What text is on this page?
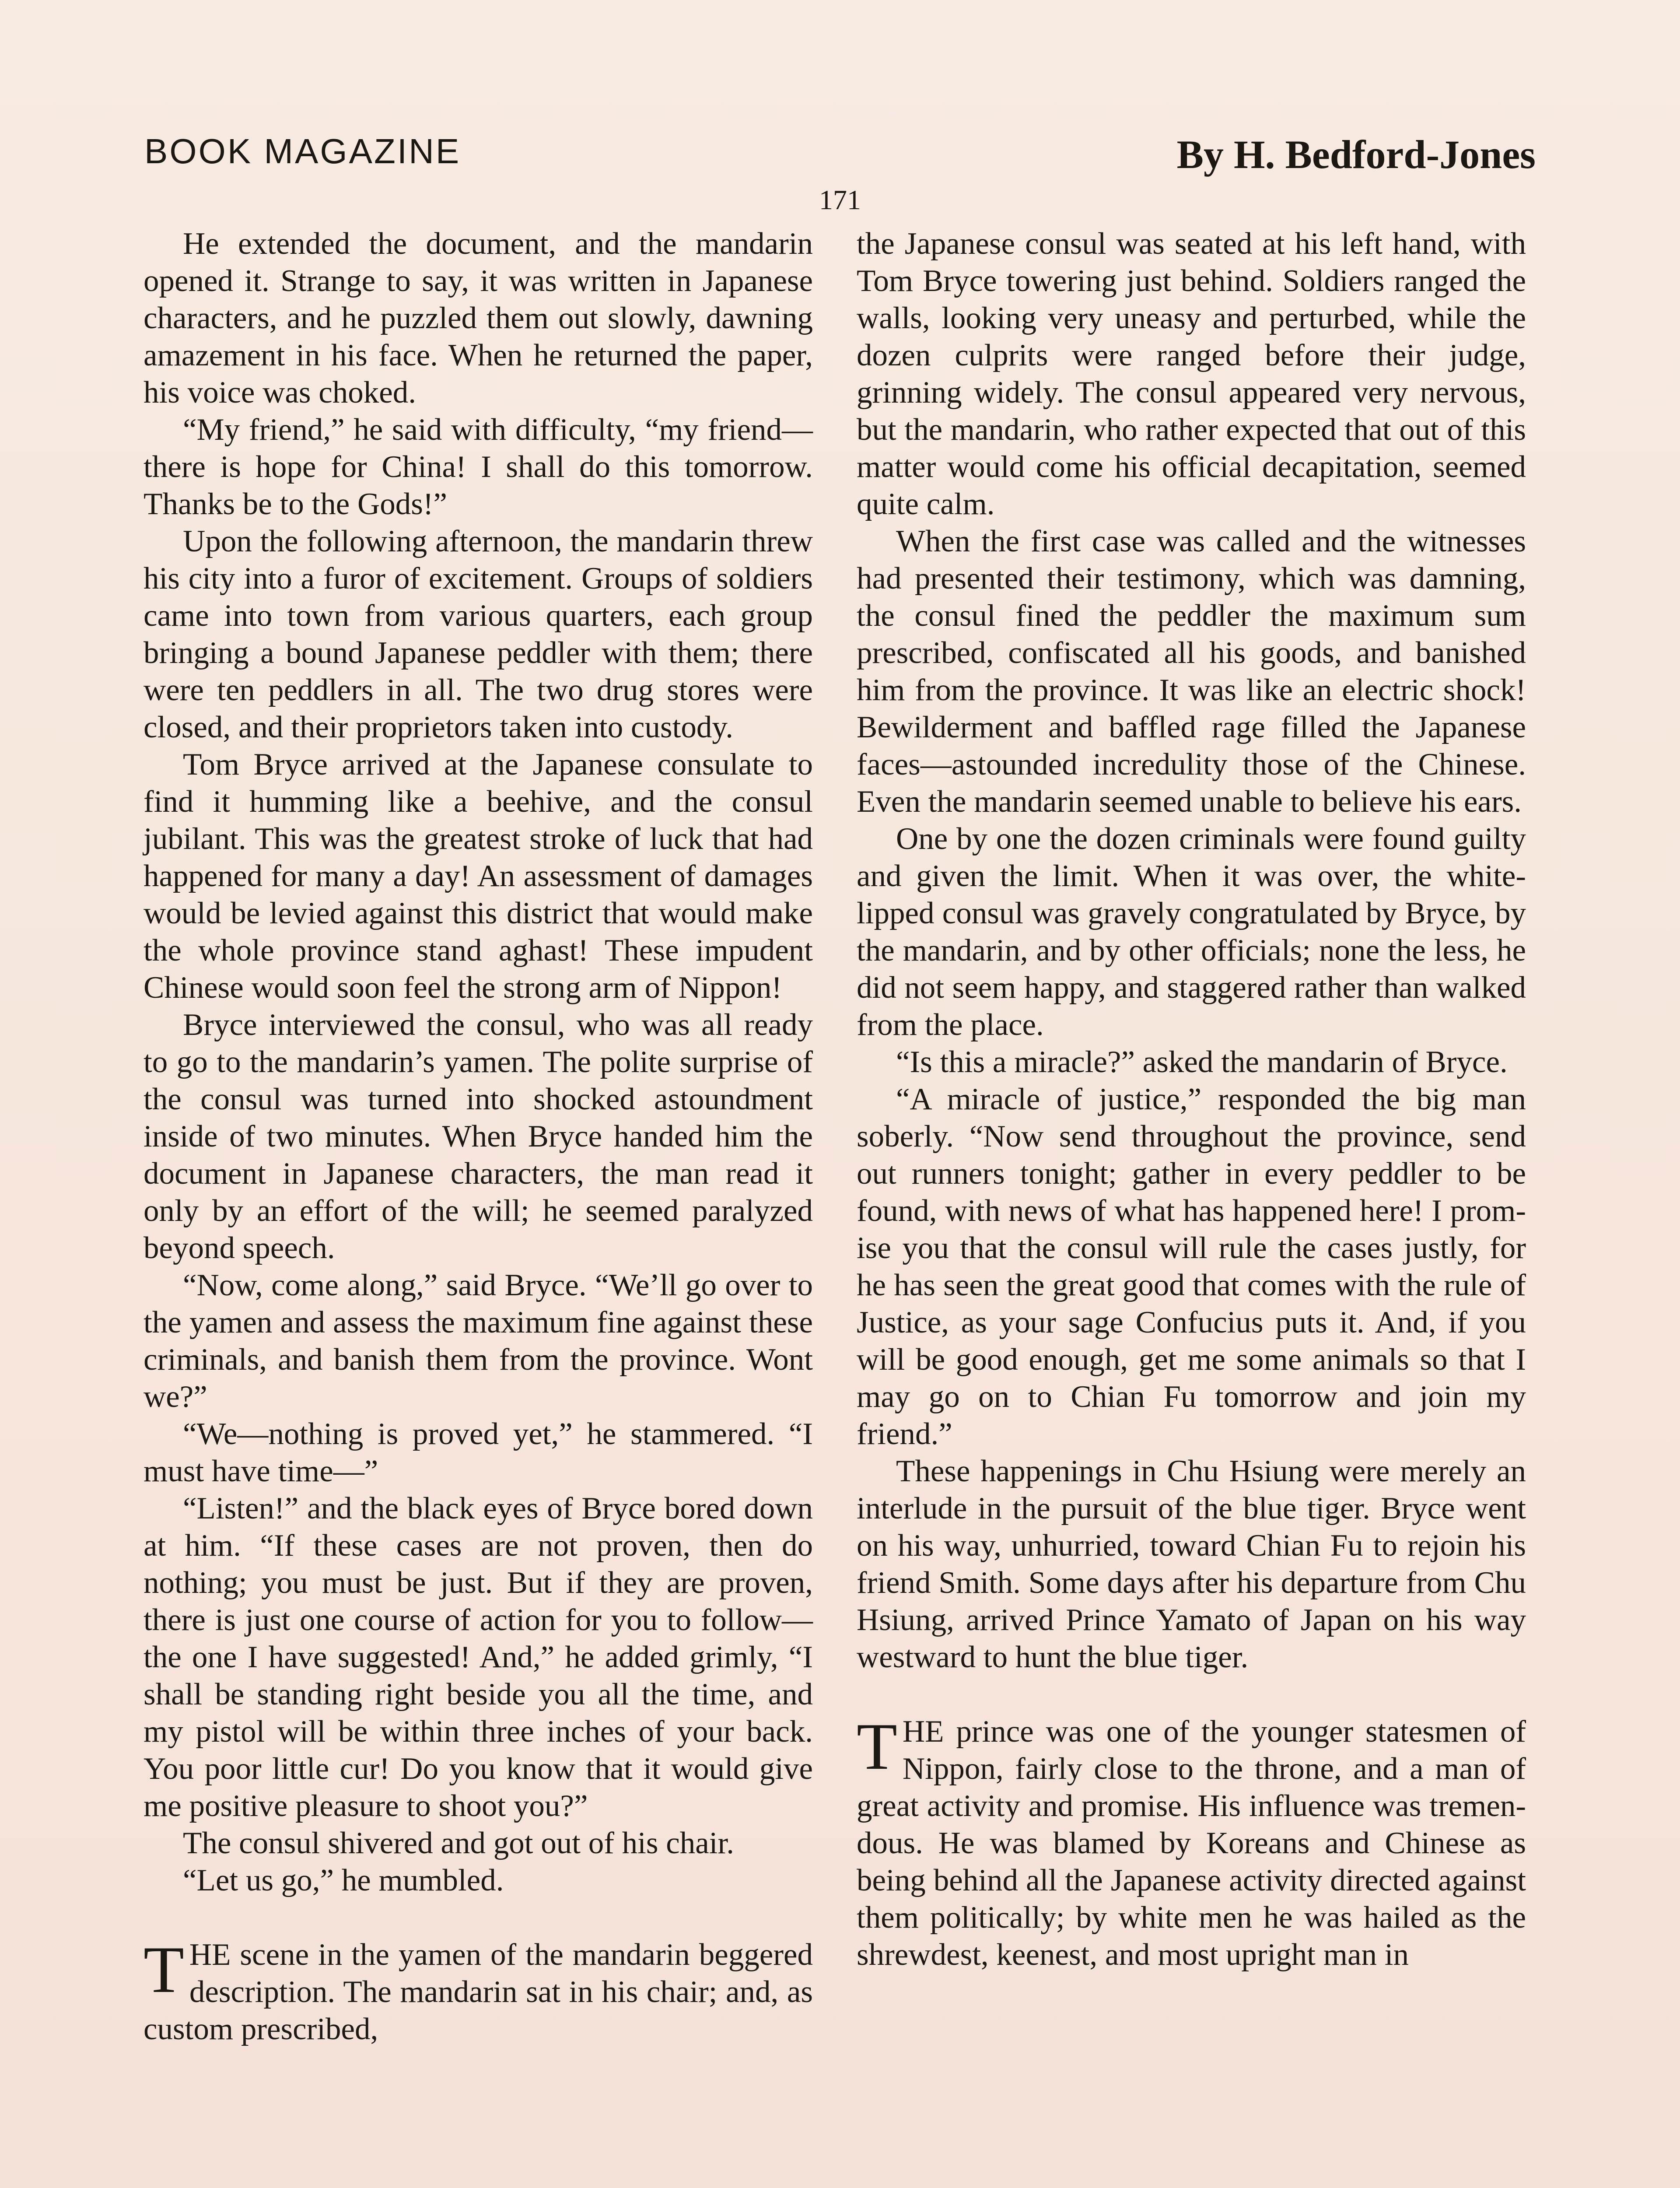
BOOK MAGAZINE	By H. Bedford-Jones
171

He extended the document, and the mandarin opened it. Strange to say, it was written in Japanese characters, and he puzzled them out slowly, dawning amazement in his face. When he returned the paper, his voice was choked.

“My friend,” he said with difficulty, “my friend—there is hope for China! I shall do this tomorrow. Thanks be to the Gods!”

Upon the following afternoon, the mandarin threw his city into a furor of excitement. Groups of soldiers came into town from various quarters, each group bringing a bound Japanese peddler with them; there were ten peddlers in all. The two drug stores were closed, and their proprietors taken into custody.

Tom Bryce arrived at the Japanese consulate to find it humming like a beehive, and the consul jubilant. This was the greatest stroke of luck that had happened for many a day! An assessment of damages would be levied against this district that would make the whole province stand aghast! These impudent Chinese would soon feel the strong arm of Nippon!

Bryce interviewed the consul, who was all ready to go to the mandarin’s yamen. The polite surprise of the consul was turned into shocked astoundment inside of two minutes. When Bryce handed him the document in Japanese characters, the man read it only by an effort of the will; he seemed paralyzed beyond speech.

“Now, come along,” said Bryce. “We’ll go over to the yamen and assess the maximum fine against these criminals, and banish them from the province. Wont we?”

“We—nothing is proved yet,” he stammered. “I must have time—”

“Listen!” and the black eyes of Bryce bored down at him. “If these cases are not proven, then do nothing; you must be just. But if they are proven, there is just one course of action for you to follow—the one I have suggested! And,” he added grimly, “I shall be standing right beside you all the time, and my pistol will be within three inches of your back. You poor little cur! Do you know that it would give me positive pleasure to shoot you?”

The consul shivered and got out of his chair.

“Let us go,” he mumbled.

THE scene in the yamen of the mandarin beggered description. The mandarin sat in his chair; and, as custom prescribed,

the Japanese consul was seated at his left hand, with Tom Bryce towering just behind. Soldiers ranged the walls, looking very uneasy and perturbed, while the dozen culprits were ranged before their judge, grinning widely. The consul appeared very nervous, but the mandarin, who rather expected that out of this matter would come his official decapitation, seemed quite calm.

When the first case was called and the witnesses had presented their testimony, which was damning, the consul fined the peddler the maximum sum prescribed, confiscated all his goods, and banished him from the province. It was like an electric shock! Bewilderment and baffled rage filled the Japanese faces—astounded incredulity those of the Chinese. Even the mandarin seemed unable to believe his ears.

One by one the dozen criminals were found guilty and given the limit. When it was over, the white-lipped consul was gravely congratulated by Bryce, by the mandarin, and by other officials; none the less, he did not seem happy, and staggered rather than walked from the place.

“Is this a miracle?” asked the mandarin of Bryce.

“A miracle of justice,” responded the big man soberly. “Now send throughout the province, send out runners tonight; gather in every peddler to be found, with news of what has happened here! I promise you that the consul will rule the cases justly, for he has seen the great good that comes with the rule of Justice, as your sage Confucius puts it. And, if you will be good enough, get me some animals so that I may go on to Chian Fu tomorrow and join my friend.”

These happenings in Chu Hsiung were merely an interlude in the pursuit of the blue tiger. Bryce went on his way, unhurried, toward Chian Fu to rejoin his friend Smith. Some days after his departure from Chu Hsiung, arrived Prince Yamato of Japan on his way westward to hunt the blue tiger.

THE prince was one of the younger statesmen of Nippon, fairly close to the throne, and a man of great activity and promise. His influence was tremendous. He was blamed by Koreans and Chinese as being behind all the Japanese activity directed against them politically; by white men he was hailed as the shrewdest, keenest, and most upright man in
